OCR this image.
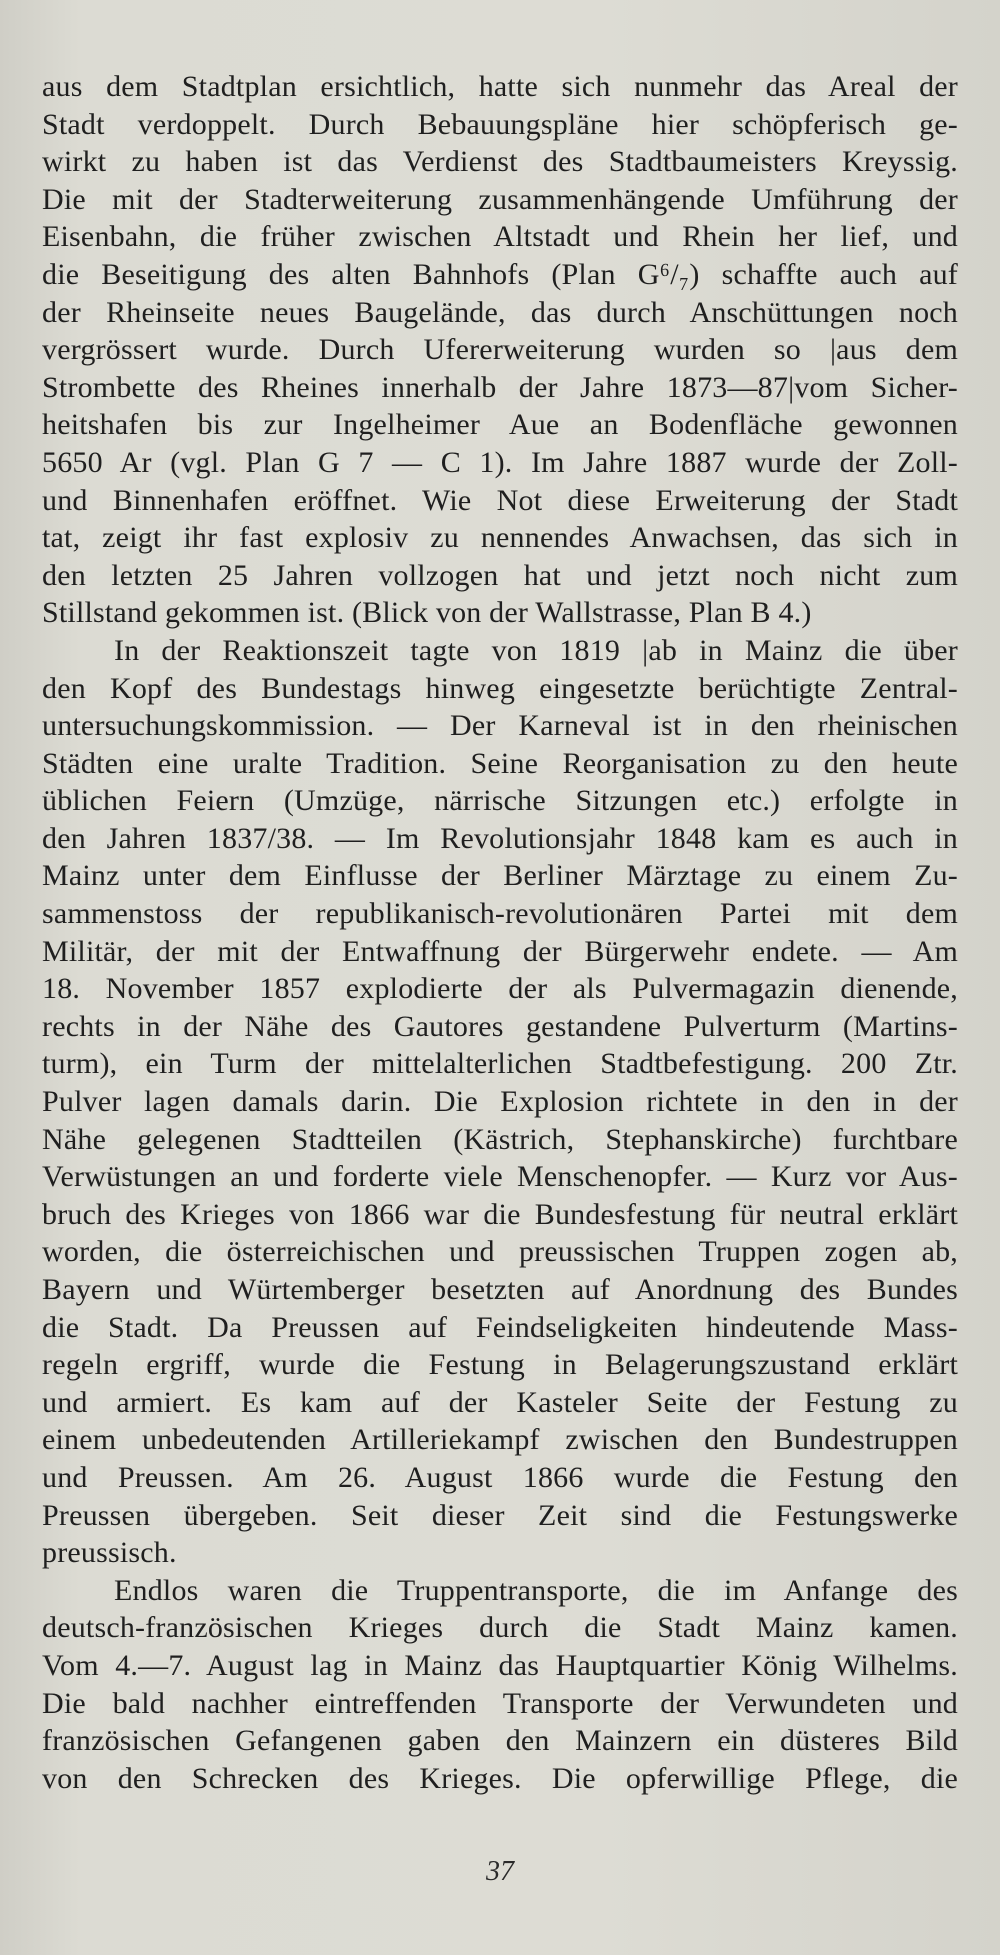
aus dem Stadtplan ersichtlich, hatte sich nunmehr das Areal der
Stadt verdoppelt. Durch Bebauungspläne hier schöpferisch ge-
wirkt zu haben ist das Verdienst des Stadtbaumeisters Kreyssig.
Die mit der Stadterweiterung zusammenhängende Umführung der
Eisenbahn, die früher zwischen Altstadt und Rhein her lief, und
die Beseitigung des alten Bahnhofs (Plan G⁶/₇) schaffte auch auf
der Rheinseite neues Baugelände, das durch Anschüttungen noch
vergrössert wurde. Durch Ufererweiterung wurden so |aus dem
Strombette des Rheines innerhalb der Jahre 1873—87|vom Sicher-
heitshafen bis zur Ingelheimer Aue an Bodenfläche gewonnen
5650 Ar (vgl. Plan G 7 — C 1). Im Jahre 1887 wurde der Zoll-
und Binnenhafen eröffnet. Wie Not diese Erweiterung der Stadt
tat, zeigt ihr fast explosiv zu nennendes Anwachsen, das sich in
den letzten 25 Jahren vollzogen hat und jetzt noch nicht zum
Stillstand gekommen ist. (Blick von der Wallstrasse, Plan B 4.)
In der Reaktionszeit tagte von 1819 |ab in Mainz die über
den Kopf des Bundestags hinweg eingesetzte berüchtigte Zentral-
untersuchungskommission. — Der Karneval ist in den rheinischen
Städten eine uralte Tradition. Seine Reorganisation zu den heute
üblichen Feiern (Umzüge, närrische Sitzungen etc.) erfolgte in
den Jahren 1837/38. — Im Revolutionsjahr 1848 kam es auch in
Mainz unter dem Einflusse der Berliner Märztage zu einem Zu-
sammenstoss der republikanisch-revolutionären Partei mit dem
Militär, der mit der Entwaffnung der Bürgerwehr endete. — Am
18. November 1857 explodierte der als Pulvermagazin dienende,
rechts in der Nähe des Gautores gestandene Pulverturm (Martins-
turm), ein Turm der mittelalterlichen Stadtbefestigung. 200 Ztr.
Pulver lagen damals darin. Die Explosion richtete in den in der
Nähe gelegenen Stadtteilen (Kästrich, Stephanskirche) furchtbare
Verwüstungen an und forderte viele Menschenopfer. — Kurz vor Aus-
bruch des Krieges von 1866 war die Bundesfestung für neutral erklärt
worden, die österreichischen und preussischen Truppen zogen ab,
Bayern und Würtemberger besetzten auf Anordnung des Bundes
die Stadt. Da Preussen auf Feindseligkeiten hindeutende Mass-
regeln ergriff, wurde die Festung in Belagerungszustand erklärt
und armiert. Es kam auf der Kasteler Seite der Festung zu
einem unbedeutenden Artilleriekampf zwischen den Bundestruppen
und Preussen. Am 26. August 1866 wurde die Festung den
Preussen übergeben. Seit dieser Zeit sind die Festungswerke
preussisch.
Endlos waren die Truppentransporte, die im Anfange des
deutsch-französischen Krieges durch die Stadt Mainz kamen.
Vom 4.—7. August lag in Mainz das Hauptquartier König Wilhelms.
Die bald nachher eintreffenden Transporte der Verwundeten und
französischen Gefangenen gaben den Mainzern ein düsteres Bild
von den Schrecken des Krieges. Die opferwillige Pflege, die
37
